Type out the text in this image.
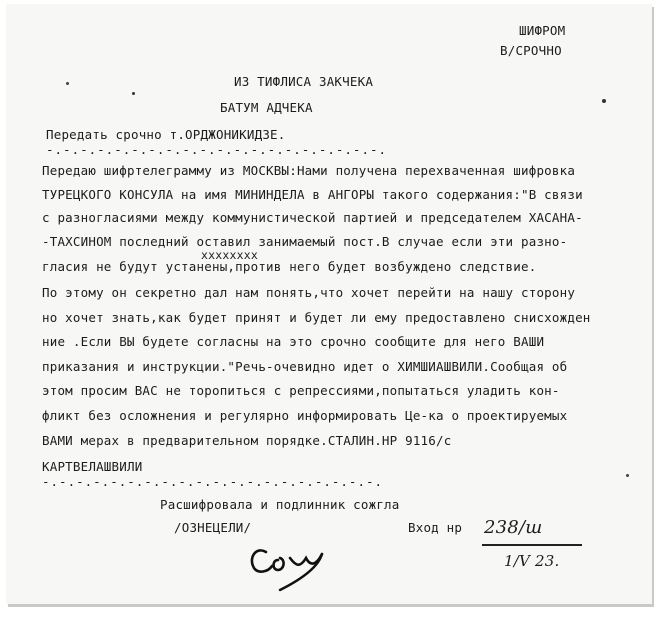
ШИФРОМ
В/СРОЧНО
ИЗ ТИФЛИСА ЗАКЧЕКА
БАТУМ АДЧЕКА
Передать срочно т.ОРДЖОНИКИДЗЕ.
-.-.-.-.-.-.-.-.-.-.-.-.-.-.-.-.-.-.-.-.
Передаю шифртелеграмму из МОСКВЫ:Нами получена перехваченная шифровка
ТУРЕЦКОГО КОНСУЛА на имя МИНИНДЕЛА в АНГОРЫ такого содержания:"В связи
с разногласиями между коммунистической партией и председателем ХАСАНА-
-ТАХСИНОМ последний оставил занимаемый пост.В случае если эти разно-
хххххххх
гласия не будут устанены,против него будет возбуждено следствие.
По этому он секретно дал нам понять,что хочет перейти на нашу сторону
но хочет знать,как будет принят и будет ли ему предоставлено снисхожден
ние .Если ВЫ будете согласны на это срочно сообщите для него ВАШИ
приказания и инструкции."Речь-очевидно идет о ХИМШИАШВИЛИ.Сообщая об
этом просим ВАС не торопиться с репрессиями,попытаться уладить кон-
фликт без осложнения и регулярно информировать Це-ка о проектируемых
ВАМИ мерах в предварительном порядке.СТАЛИН.НР 9116/с
КАРТВЕЛАШВИЛИ
-.-.-.-.-.-.-.-.-.-.-.-.-.-.-.-.-.-.-.-.
Расшифровала и подлинник сожгла
/ОЗНЕЦЕЛИ/	Вход нр 238/ш
1/V 23.
